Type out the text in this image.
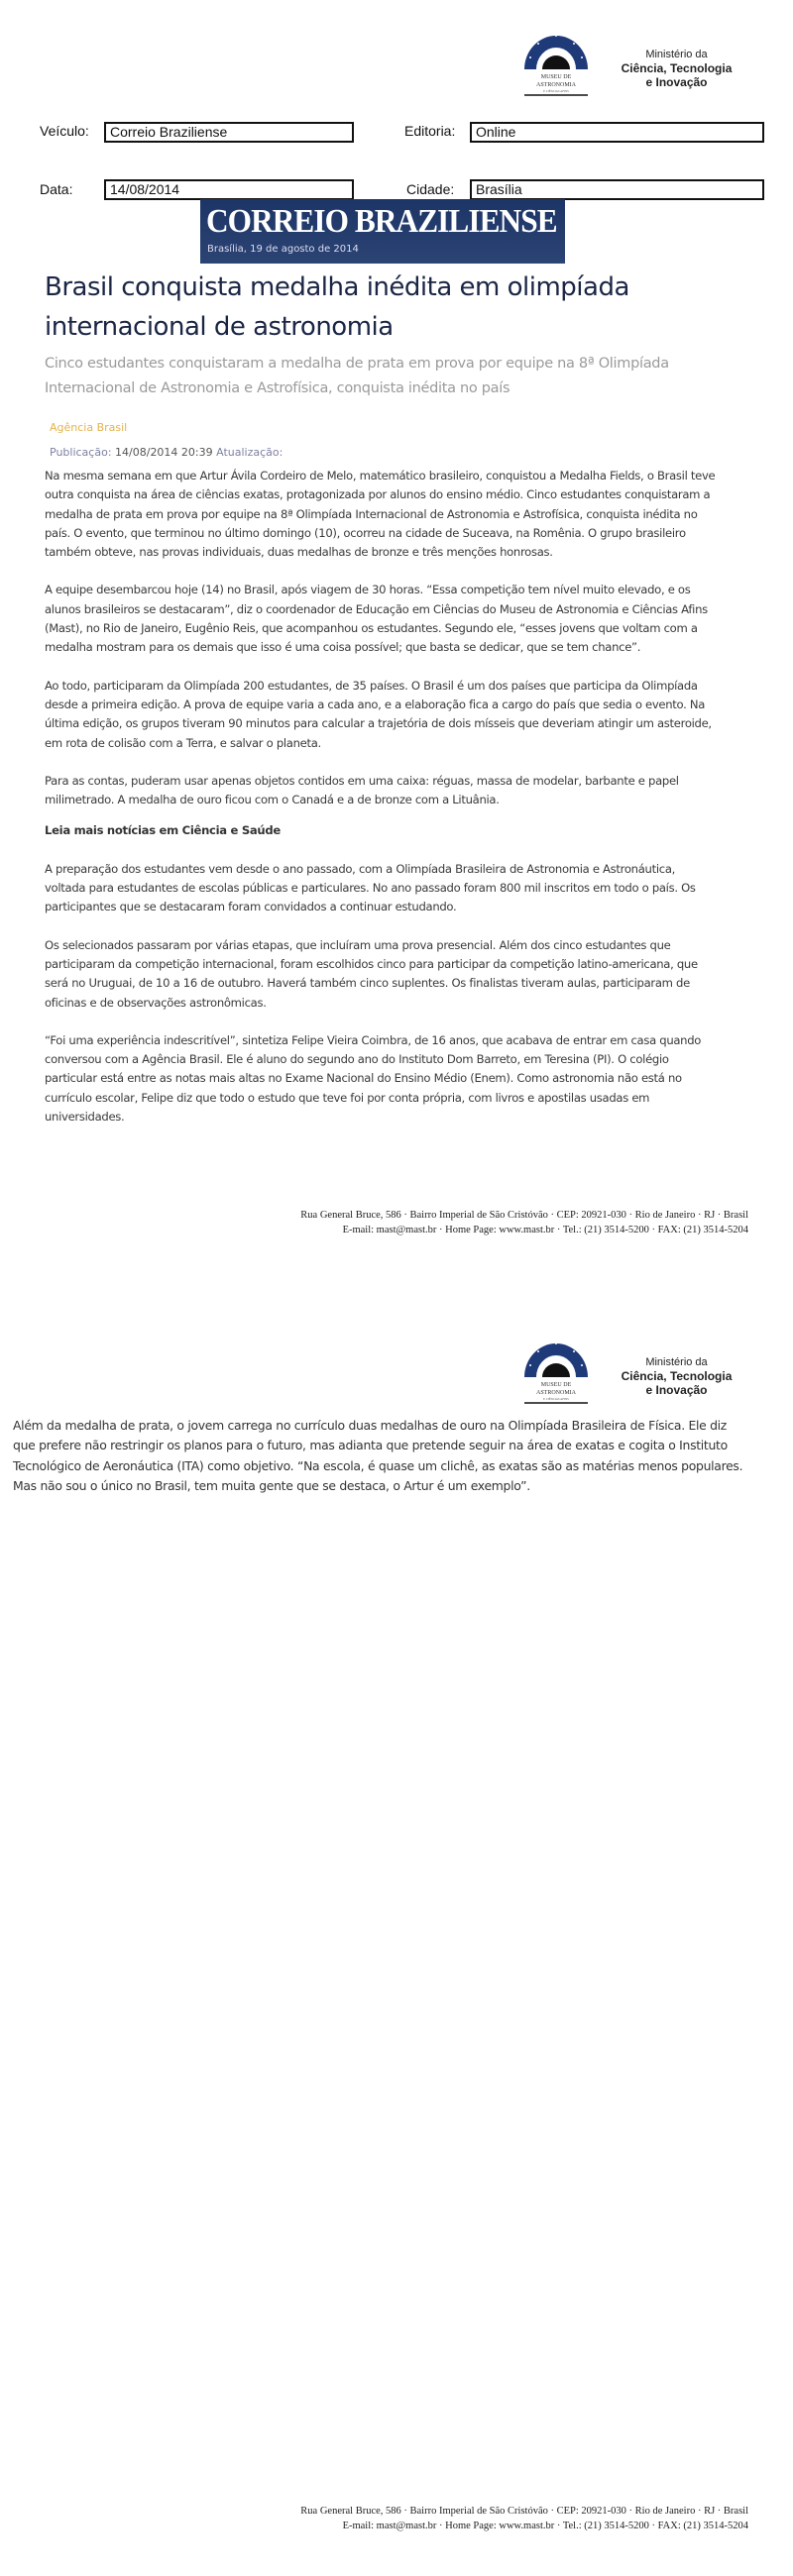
MUSEU DE
ASTRONOMIA
E CIÊNCIAS AFINS
Ministério da
Ciência, Tecnologia
e Inovação
Veículo:	Correio Braziliense	Editoria:	Online
Data:	14/08/2014	Cidade:	Brasília
CORREIO BRAZILIENSE
Brasília, 19 de agosto de 2014
Brasil conquista medalha inédita em olimpíada internacional de astronomia
Cinco estudantes conquistaram a medalha de prata em prova por equipe na 8ª Olimpíada Internacional de Astronomia e Astrofísica, conquista inédita no país
Agência Brasil
Publicação: 14/08/2014 20:39 Atualização:

Na mesma semana em que Artur Ávila Cordeiro de Melo, matemático brasileiro, conquistou a Medalha Fields, o Brasil teve outra conquista na área de ciências exatas, protagonizada por alunos do ensino médio. Cinco estudantes conquistaram a medalha de prata em prova por equipe na 8ª Olimpíada Internacional de Astronomia e Astrofísica, conquista inédita no país. O evento, que terminou no último domingo (10), ocorreu na cidade de Suceava, na Romênia. O grupo brasileiro também obteve, nas provas individuais, duas medalhas de bronze e três menções honrosas.

A equipe desembarcou hoje (14) no Brasil, após viagem de 30 horas. “Essa competição tem nível muito elevado, e os alunos brasileiros se destacaram”, diz o coordenador de Educação em Ciências do Museu de Astronomia e Ciências Afins (Mast), no Rio de Janeiro, Eugênio Reis, que acompanhou os estudantes. Segundo ele, “esses jovens que voltam com a medalha mostram para os demais que isso é uma coisa possível; que basta se dedicar, que se tem chance”.

Ao todo, participaram da Olimpíada 200 estudantes, de 35 países. O Brasil é um dos países que participa da Olimpíada desde a primeira edição. A prova de equipe varia a cada ano, e a elaboração fica a cargo do país que sedia o evento. Na última edição, os grupos tiveram 90 minutos para calcular a trajetória de dois mísseis que deveriam atingir um asteroide, em rota de colisão com a Terra, e salvar o planeta.

Para as contas, puderam usar apenas objetos contidos em uma caixa: réguas, massa de modelar, barbante e papel milimetrado. A medalha de ouro ficou com o Canadá e a de bronze com a Lituânia.

Leia mais notícias em Ciência e Saúde

A preparação dos estudantes vem desde o ano passado, com a Olimpíada Brasileira de Astronomia e Astronáutica, voltada para estudantes de escolas públicas e particulares. No ano passado foram 800 mil inscritos em todo o país. Os participantes que se destacaram foram convidados a continuar estudando.

Os selecionados passaram por várias etapas, que incluíram uma prova presencial. Além dos cinco estudantes que participaram da competição internacional, foram escolhidos cinco para participar da competição latino-americana, que será no Uruguai, de 10 a 16 de outubro. Haverá também cinco suplentes. Os finalistas tiveram aulas, participaram de oficinas e de observações astronômicas.

“Foi uma experiência indescritível”, sintetiza Felipe Vieira Coimbra, de 16 anos, que acabava de entrar em casa quando conversou com a Agência Brasil. Ele é aluno do segundo ano do Instituto Dom Barreto, em Teresina (PI). O colégio particular está entre as notas mais altas no Exame Nacional do Ensino Médio (Enem). Como astronomia não está no currículo escolar, Felipe diz que todo o estudo que teve foi por conta própria, com livros e apostilas usadas em universidades.

Rua General Bruce, 586 · Bairro Imperial de São Cristóvão · CEP: 20921-030 · Rio de Janeiro · RJ · Brasil
E-mail: mast@mast.br · Home Page: www.mast.br · Tel.: (21) 3514-5200 · FAX: (21) 3514-5204
MUSEU DE
ASTRONOMIA
E CIÊNCIAS AFINS
Ministério da
Ciência, Tecnologia
e Inovação

Além da medalha de prata, o jovem carrega no currículo duas medalhas de ouro na Olimpíada Brasileira de Física. Ele diz que prefere não restringir os planos para o futuro, mas adianta que pretende seguir na área de exatas e cogita o Instituto Tecnológico de Aeronáutica (ITA) como objetivo. “Na escola, é quase um clichê, as exatas são as matérias menos populares. Mas não sou o único no Brasil, tem muita gente que se destaca, o Artur é um exemplo”.

Rua General Bruce, 586 · Bairro Imperial de São Cristóvão · CEP: 20921-030 · Rio de Janeiro · RJ · Brasil
E-mail: mast@mast.br · Home Page: www.mast.br · Tel.: (21) 3514-5200 · FAX: (21) 3514-5204
